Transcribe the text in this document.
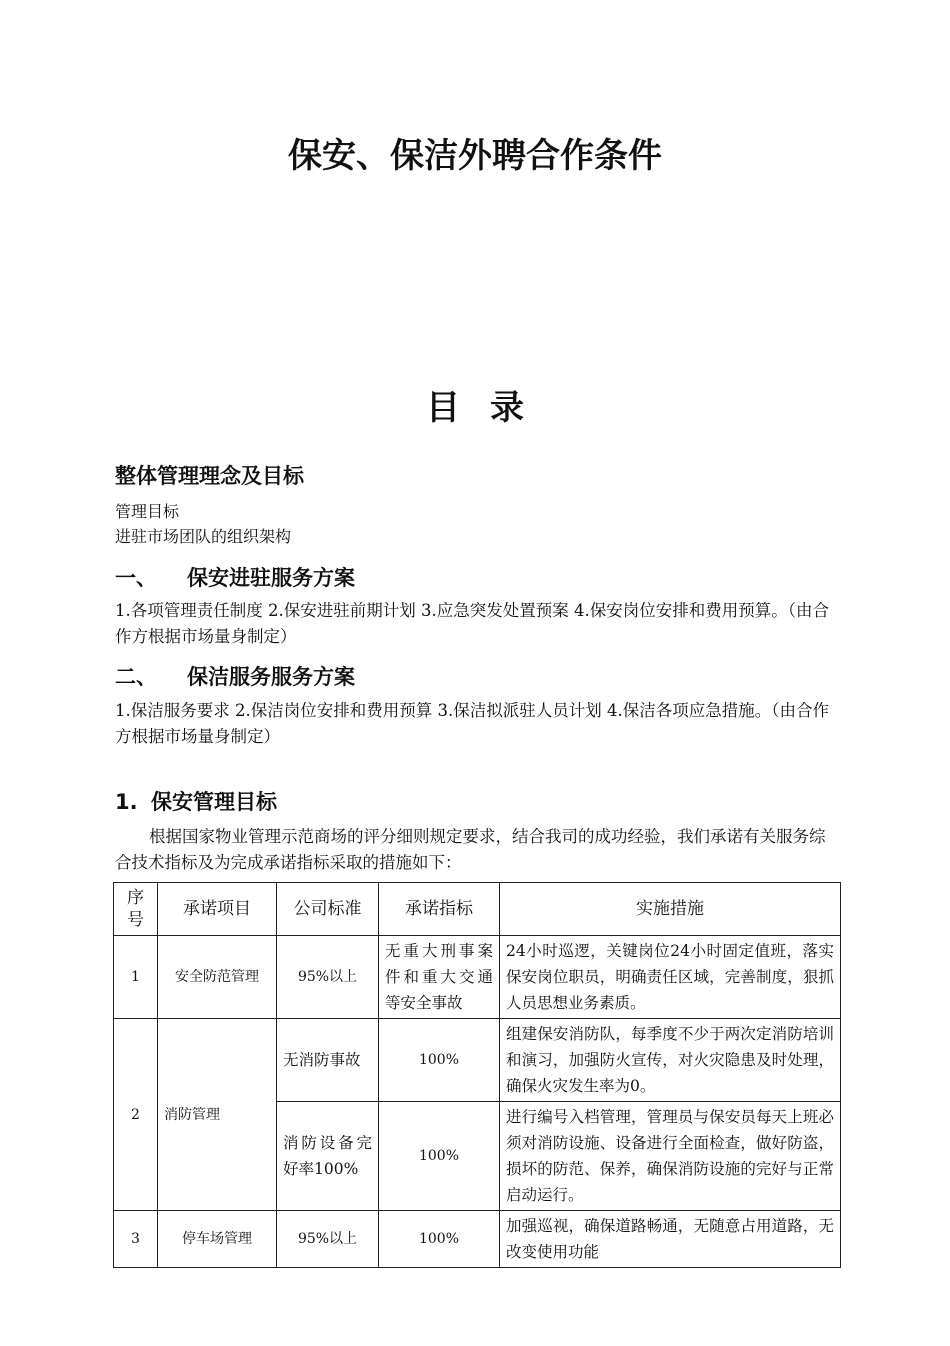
保安、保洁外聘合作条件
目录
整体管理理念及目标
管理目标
进驻市场团队的组织架构
一、 保安进驻服务方案
1.各项管理责任制度 2.保安进驻前期计划 3.应急突发处置预案 4.保安岗位安排和费用预算。（由合作方根据市场量身制定）
二、 保洁服务服务方案
1.保洁服务要求 2.保洁岗位安排和费用预算 3.保洁拟派驻人员计划 4.保洁各项应急措施。（由合作方根据市场量身制定）
1. 保安管理目标
根据国家物业管理示范商场的评分细则规定要求，结合我司的成功经验，我们承诺有关服务综合技术指标及为完成承诺指标采取的措施如下：
序号	承诺项目	公司标准	承诺指标	实施措施
1	安全防范管理	95%以上	无重大刑事案件和重大交通等安全事故	24小时巡逻，关键岗位24小时固定值班，落实保安岗位职员，明确责任区域，完善制度，狠抓人员思想业务素质。
2	消防管理	无消防事故	100%	组建保安消防队，每季度不少于两次定消防培训和演习，加强防火宣传，对火灾隐患及时处理，确保火灾发生率为0。
		消防设备完好率100%	100%	进行编号入档管理，管理员与保安员每天上班必须对消防设施、设备进行全面检查，做好防盗，损坏的防范、保养，确保消防设施的完好与正常启动运行。
3	停车场管理	95%以上	100%	加强巡视，确保道路畅通，无随意占用道路，无改变使用功能
